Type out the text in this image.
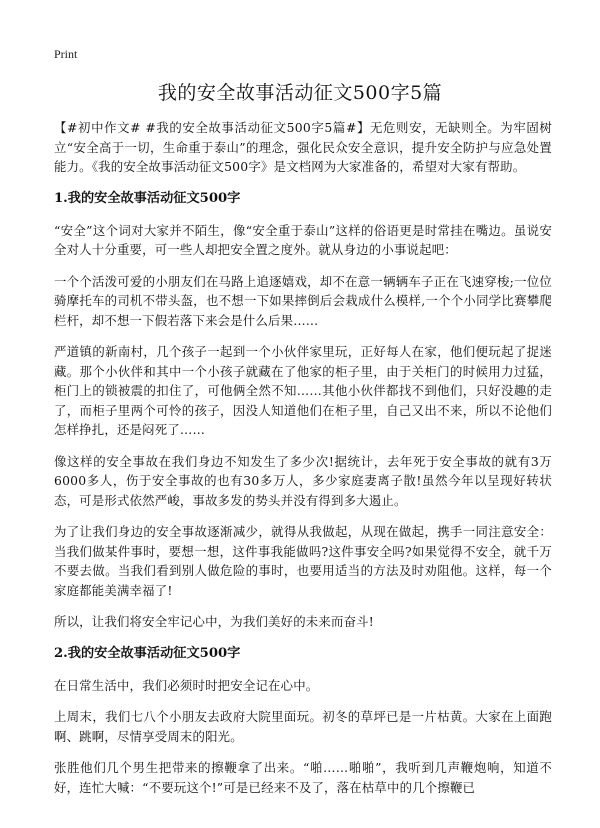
Print
我的安全故事活动征文500字5篇

【#初中作文# #我的安全故事活动征文500字5篇#】无危则安，无缺则全。为牢固树立“安全高于一切，生命重于泰山”的理念，强化民众安全意识，提升安全防护与应急处置能力。《我的安全故事活动征文500字》是文档网为大家准备的，希望对大家有帮助。

1.我的安全故事活动征文500字

“安全”这个词对大家并不陌生，像“安全重于泰山”这样的俗语更是时常挂在嘴边。虽说安全对人十分重要，可一些人却把安全置之度外。就从身边的小事说起吧：

一个个活泼可爱的小朋友们在马路上追逐嬉戏，却不在意一辆辆车子正在飞速穿梭;一位位骑摩托车的司机不带头盔，也不想一下如果摔倒后会栽成什么模样,一个个小同学比赛攀爬栏杆，却不想一下假若落下来会是什么后果……

严道镇的新南村，几个孩子一起到一个小伙伴家里玩，正好每人在家，他们便玩起了捉迷藏。那个小伙伴和其中一个小孩子就藏在了他家的柜子里，由于关柜门的时候用力过猛，柜门上的锁被震的扣住了，可他俩全然不知……其他小伙伴都找不到他们，只好没趣的走了，而柜子里两个可怜的孩子，因没人知道他们在柜子里，自己又出不来，所以不论他们怎样挣扎，还是闷死了……

像这样的安全事故在我们身边不知发生了多少次!据统计，去年死于安全事故的就有3万6000多人，伤于安全事故的也有30多万人，多少家庭妻离子散!虽然今年以呈现好转状态，可是形式依然严峻，事故多发的势头并没有得到多大遏止。

为了让我们身边的安全事故逐渐减少，就得从我做起，从现在做起，携手一同注意安全：当我们做某件事时，要想一想，这件事我能做吗?这件事安全吗?如果觉得不安全，就千万不要去做。当我们看到别人做危险的事时，也要用适当的方法及时劝阻他。这样，每一个家庭都能美满幸福了!

所以，让我们将安全牢记心中，为我们美好的未来而奋斗!

2.我的安全故事活动征文500字

在日常生活中，我们必须时时把安全记在心中。

上周末，我们七八个小朋友去政府大院里面玩。初冬的草坪已是一片枯黄。大家在上面跑啊、跳啊，尽情享受周末的阳光。

张胜他们几个男生把带来的擦鞭拿了出来。“啪……啪啪”，我听到几声鞭炮响，知道不好，连忙大喊：“不要玩这个!”可是已经来不及了，落在枯草中的几个擦鞭已
